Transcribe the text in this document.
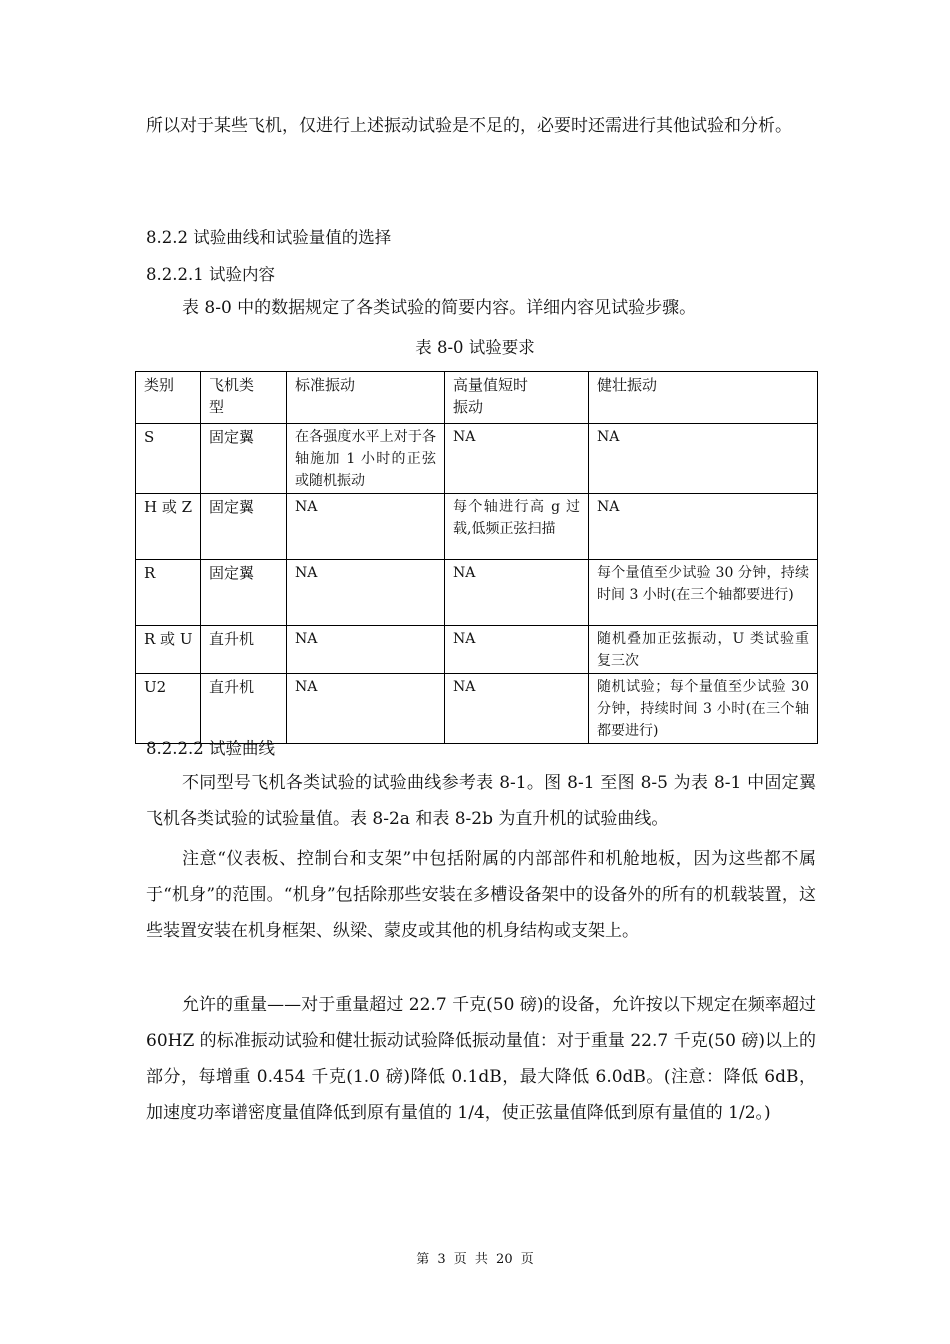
所以对于某些飞机，仅进行上述振动试验是不足的，必要时还需进行其他试验和分析。

8.2.2 试验曲线和试验量值的选择

8.2.2.1 试验内容

表 8-0 中的数据规定了各类试验的简要内容。详细内容见试验步骤。

表 8-0 试验要求

类别	飞机类型	标准振动	高量值短时振动	健壮振动
S	固定翼	在各强度水平上对于各轴施加 1 小时的正弦或随机振动	NA	NA
H 或 Z	固定翼	NA	每个轴进行高 g 过载,低频正弦扫描	NA
R	固定翼	NA	NA	每个量值至少试验 30 分钟，持续时间 3 小时(在三个轴都要进行)
R 或 U	直升机	NA	NA	随机叠加正弦振动，U 类试验重复三次
U2	直升机	NA	NA	随机试验；每个量值至少试验 30 分钟，持续时间 3 小时(在三个轴都要进行)

8.2.2.2 试验曲线

不同型号飞机各类试验的试验曲线参考表 8-1。图 8-1 至图 8-5 为表 8-1 中固定翼飞机各类试验的试验量值。表 8-2a 和表 8-2b 为直升机的试验曲线。

注意“仪表板、控制台和支架”中包括附属的内部部件和机舱地板，因为这些都不属于“机身”的范围。“机身”包括除那些安装在多槽设备架中的设备外的所有的机载装置，这些装置安装在机身框架、纵梁、蒙皮或其他的机身结构或支架上。

允许的重量——对于重量超过 22.7 千克(50 磅)的设备，允许按以下规定在频率超过 60HZ 的标准振动试验和健壮振动试验降低振动量值：对于重量 22.7 千克(50 磅)以上的部分，每增重 0.454 千克(1.0 磅)降低 0.1dB，最大降低 6.0dB。(注意：降低 6dB，加速度功率谱密度量值降低到原有量值的 1/4，使正弦量值降低到原有量值的 1/2。)

第 3 页 共 20 页
